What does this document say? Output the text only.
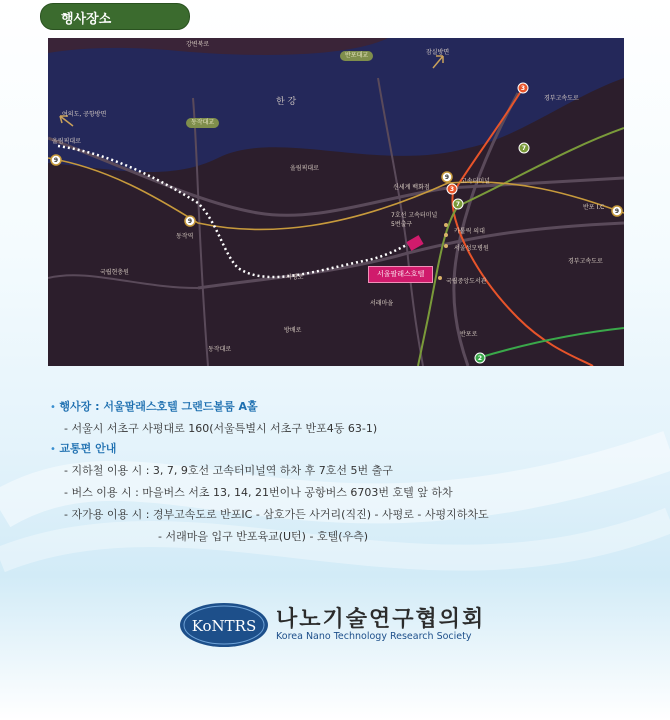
행사장소
9
9
9
3
7
3
7
9
2
강변북로
반포대교	잠실방면
한 강
여의도, 공항방면
동작대교
올림픽대로
올림픽대로
경부고속도로
신세계 백화점
고속터미널
7호선 고속터미널
5번출구
카톨릭 의대
서울성모병원
국립중앙도서관
동작역
국립현충원
사평로
서래마을
반포 I.C
경부고속도로
반포로
동작대로
방배로
서울팔래스호텔
• 행사장 : 서울팔래스호텔 그랜드볼룸 A홀
- 서울시 서초구 사평대로 160(서울특별시 서초구 반포4동 63-1)
• 교통편 안내
- 지하철 이용 시 : 3, 7, 9호선 고속터미널역 하차 후 7호선 5번 출구
- 버스 이용 시 : 마을버스 서초 13, 14, 21번이나 공항버스 6703번 호텔 앞 하차
- 자가용 이용 시 : 경부고속도로 반포IC - 삼호가든 사거리(직진) - 사평로 - 사평지하차도
- 서래마을 입구 반포육교(U턴) - 호텔(우측)
KoNTRS 나노기술연구협의회
Korea Nano Technology Research Society
